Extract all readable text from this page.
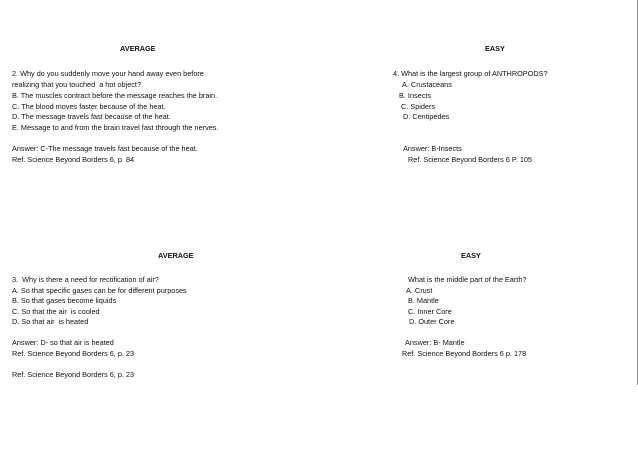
AVERAGE
2. Why do you suddenly move your hand away even before
realizing that you touched  a hot object?
B. The muscles contract before the message reaches the brain.
C. The blood moves faster because of the heat.
D. The message travels fast because of the heat.
E. Message to and from the brain travel fast through the nerves.
Answer: C-The message travels fast because of the heat.
Ref. Science Beyond Borders 6, p. 84
EASY
4. What is the largest group of ANTHROPODS?
A. Crustaceans
B. Insects
C. Spiders
D. Centipedes
Answer: B-Insects
Ref. Science Beyond Borders 6 P. 105
AVERAGE
3.  Why is there a need for rectification of air?
A. So that specific gases can be for different purposes
B. So that gases become liquids
C. So that the air  is cooled
D. So that air  is heated
Answer: D- so that air is heated
Ref. Science Beyond Borders 6, p. 23
Ref. Science Beyond Borders 6, p. 23
EASY
What is the middle part of the Earth?
A. Crust
B. Mantle
C. Inner Core
D. Outer Core
Answer: B- Mantle
Ref. Science Beyond Borders 6 p. 178
